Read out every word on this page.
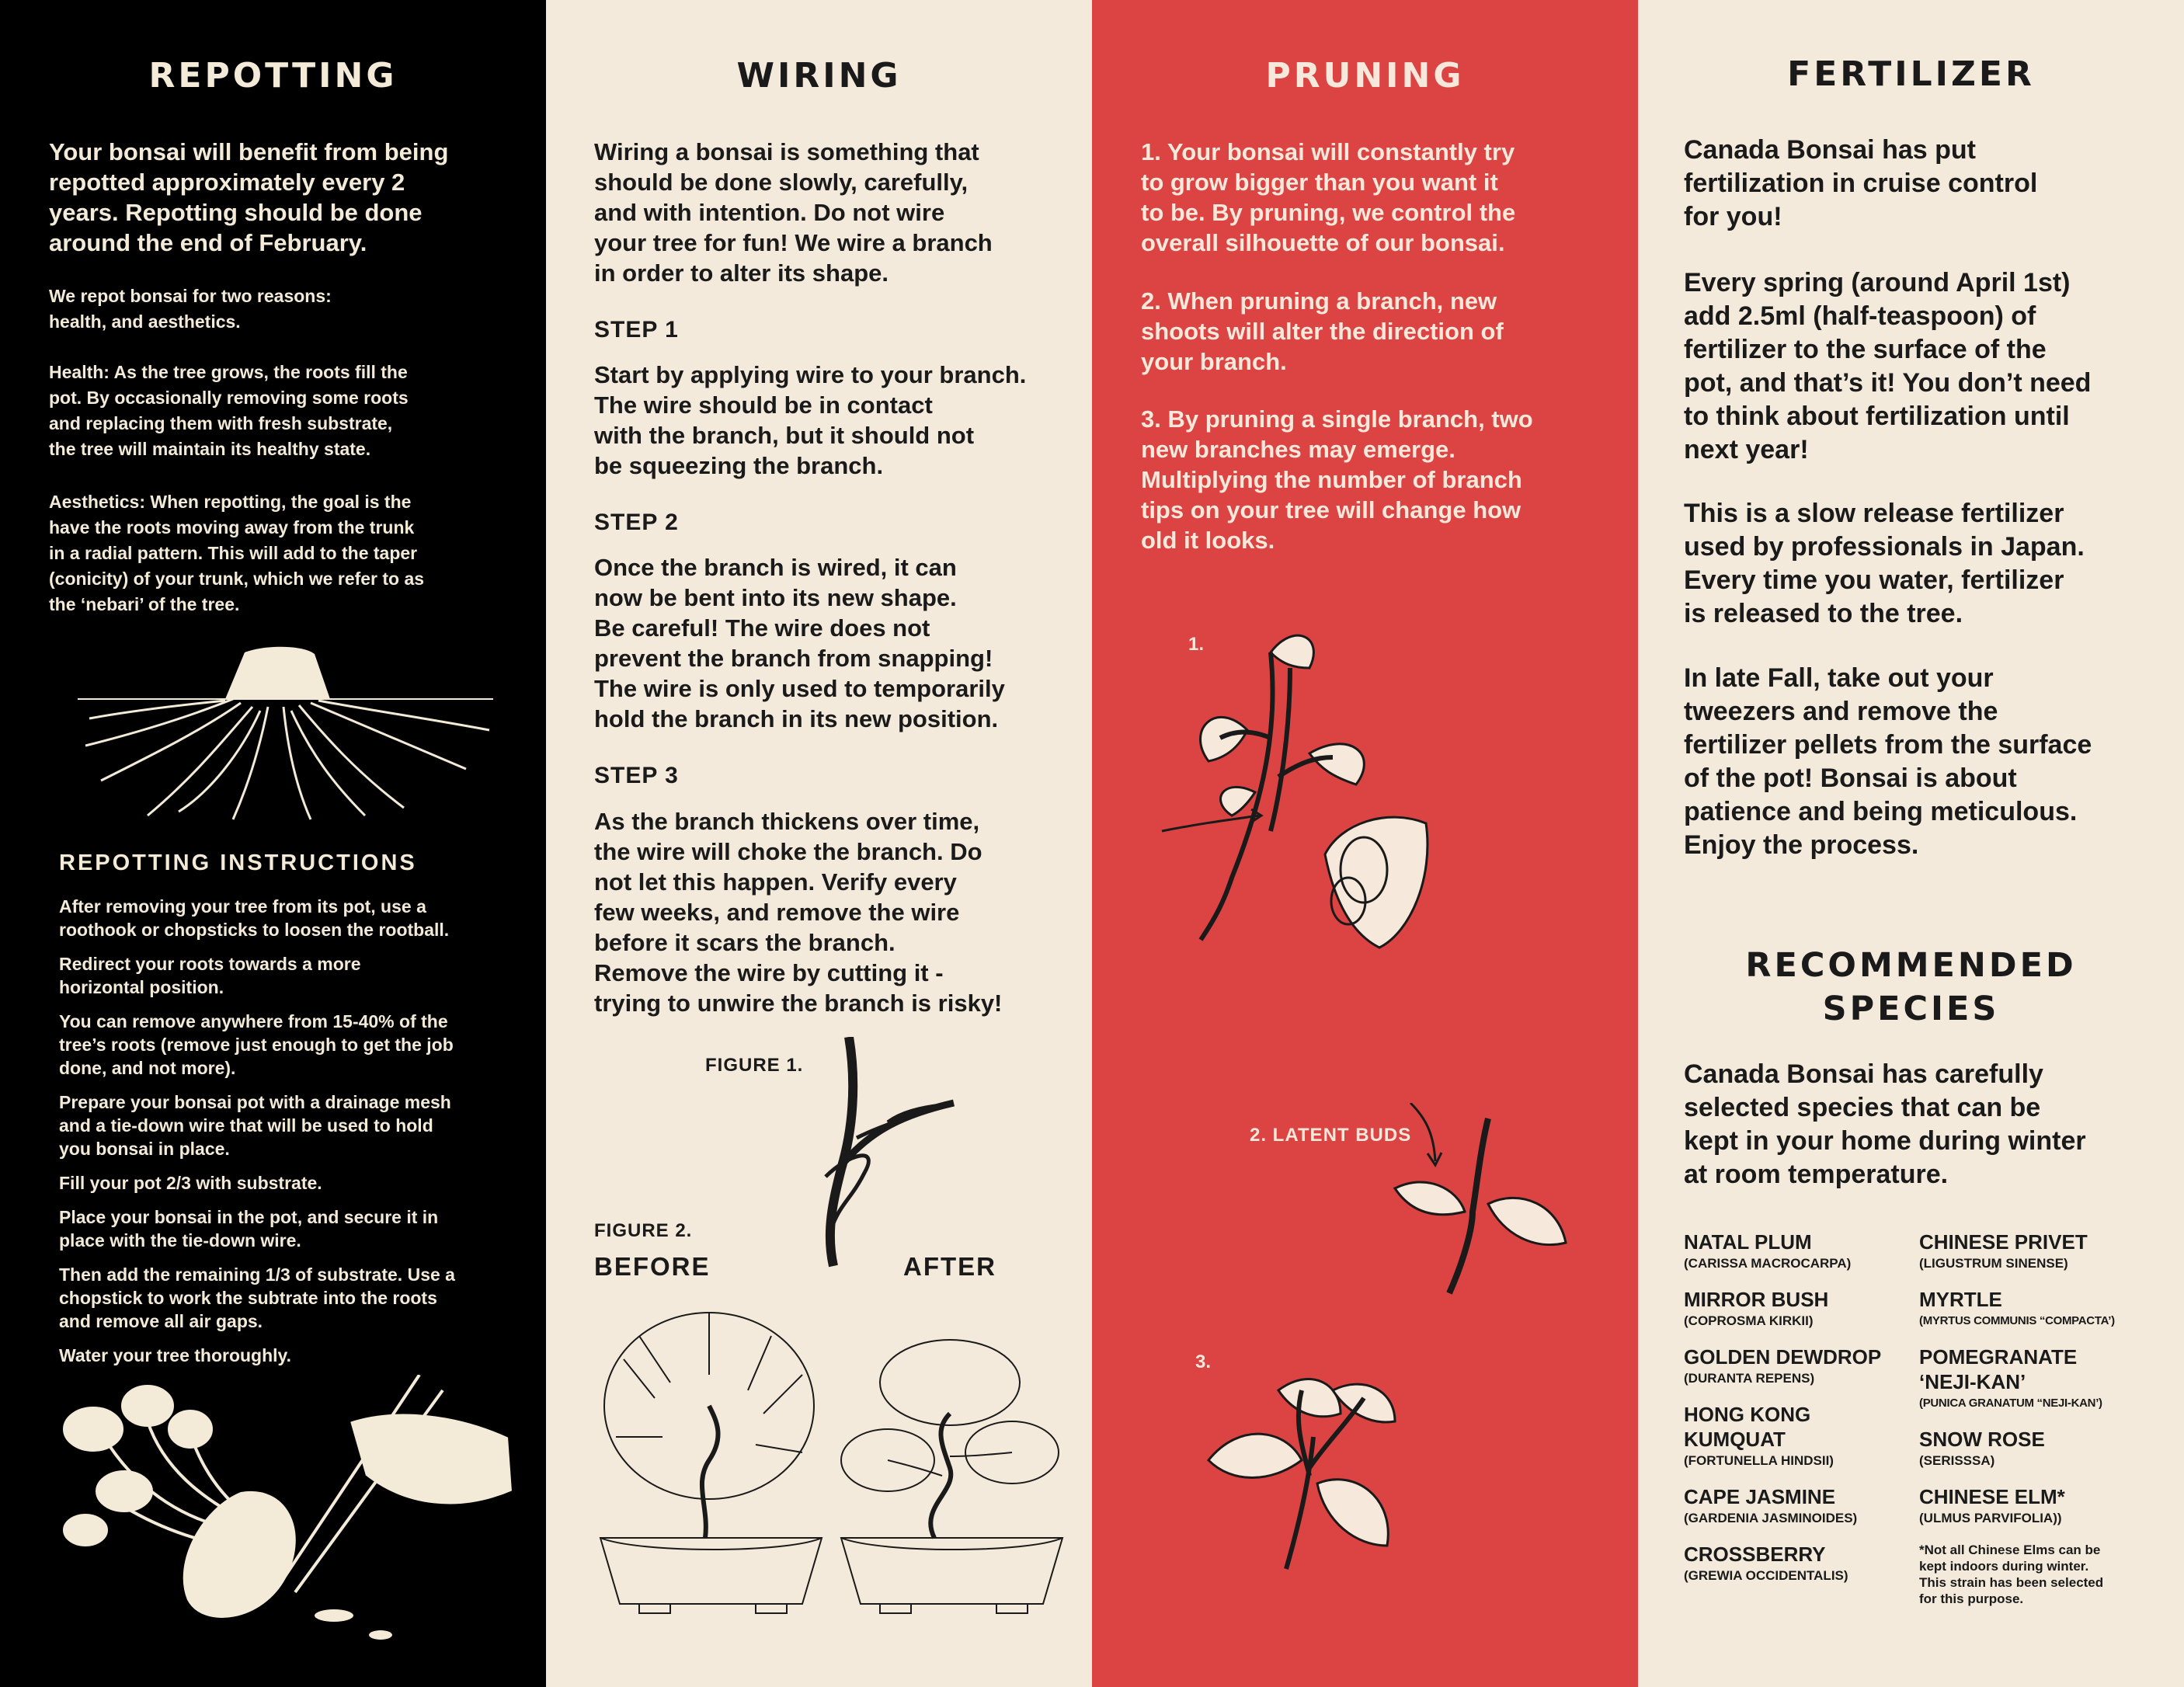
REPOTTING
Your bonsai will benefit from being
repotted approximately every 2
years. Repotting should be done
around the end of February.
We repot bonsai for two reasons:
health, and aesthetics.
Health: As the tree grows, the roots fill the
pot. By occasionally removing some roots
and replacing them with fresh substrate,
the tree will maintain its healthy state.
Aesthetics: When repotting, the goal is the
have the roots moving away from the trunk
in a radial pattern. This will add to the taper
(conicity) of your trunk, which we refer to as
the ‘nebari’ of the tree.
REPOTTING INSTRUCTIONS

After removing your tree from its pot, use a
roothook or chopsticks to loosen the rootball.

Redirect your roots towards a more
horizontal position.

You can remove anywhere from 15-40% of the
tree’s roots (remove just enough to get the job
done, and not more).

Prepare your bonsai pot with a drainage mesh
and a tie-down wire that will be used to hold
you bonsai in place.

Fill your pot 2/3 with substrate.

Place your bonsai in the pot, and secure it in
place with the tie-down wire.

Then add the remaining 1/3 of substrate. Use a
chopstick to work the subtrate into the roots
and remove all air gaps.

Water your tree thoroughly.

WIRING
Wiring a bonsai is something that
should be done slowly, carefully,
and with intention. Do not wire
your tree for fun! We wire a branch
in order to alter its shape.
STEP 1
Start by applying wire to your branch.
The wire should be in contact
with the branch, but it should not
be squeezing the branch.
STEP 2
Once the branch is wired, it can
now be bent into its new shape.
Be careful! The wire does not
prevent the branch from snapping!
The wire is only used to temporarily
hold the branch in its new position.
STEP 3
As the branch thickens over time,
the wire will choke the branch. Do
not let this happen. Verify every
few weeks, and remove the wire
before it scars the branch.
Remove the wire by cutting it -
trying to unwire the branch is risky!
FIGURE 1.
FIGURE 2.
BEFORE	AFTER
PRUNING
1. Your bonsai will constantly try
to grow bigger than you want it
to be. By pruning, we control the
overall silhouette of our bonsai.
2. When pruning a branch, new
shoots will alter the direction of
your branch.
3. By pruning a single branch, two
new branches may emerge.
Multiplying the number of branch
tips on your tree will change how
old it looks.
1.
2. LATENT BUDS
3.
FERTILIZER
Canada Bonsai has put
fertilization in cruise control
for you!
Every spring (around April 1st)
add 2.5ml (half-teaspoon) of
fertilizer to the surface of the
pot, and that’s it! You don’t need
to think about fertilization until
next year!
This is a slow release fertilizer
used by professionals in Japan.
Every time you water, fertilizer
is released to the tree.
In late Fall, take out your
tweezers and remove the
fertilizer pellets from the surface
of the pot! Bonsai is about
patience and being meticulous.
Enjoy the process.
RECOMMENDED
SPECIES
Canada Bonsai has carefully
selected species that can be
kept in your home during winter
at room temperature.
NATAL PLUM
(CARISSA MACROCARPA)
MIRROR BUSH
(COPROSMA KIRKII)
GOLDEN DEWDROP
(DURANTA REPENS)
HONG KONG
KUMQUAT
(FORTUNELLA HINDSII)
CAPE JASMINE
(GARDENIA JASMINOIDES)
CROSSBERRY
(GREWIA OCCIDENTALIS)
CHINESE PRIVET
(LIGUSTRUM SINENSE)
MYRTLE
(MYRTUS COMMUNIS “COMPACTA’)
POMEGRANATE
‘NEJI-KAN’
(PUNICA GRANATUM “NEJI-KAN’)
SNOW ROSE
(SERISSSA)
CHINESE ELM*
(ULMUS PARVIFOLIA))
*Not all Chinese Elms can be
kept indoors during winter.
This strain has been selected
for this purpose.
